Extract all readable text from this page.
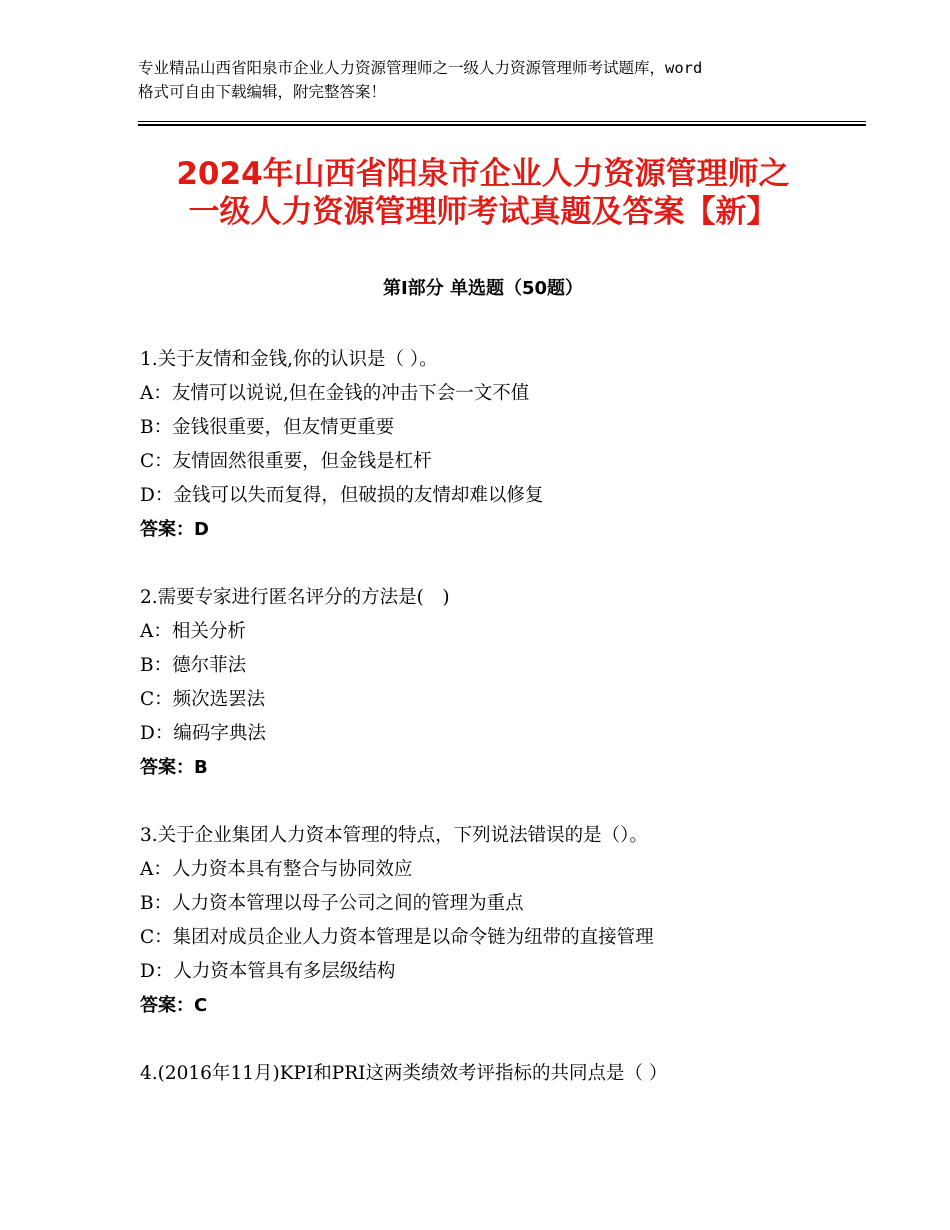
专业精品山西省阳泉市企业人力资源管理师之一级人力资源管理师考试题库，word
格式可自由下载编辑，附完整答案！
2024年山西省阳泉市企业人力资源管理师之
一级人力资源管理师考试真题及答案【新】
第Ⅰ部分 单选题（50题）
1.关于友情和金钱,你的认识是（ ）。
A：友情可以说说,但在金钱的冲击下会一文不值
B：金钱很重要，但友情更重要
C：友情固然很重要，但金钱是杠杆
D：金钱可以失而复得，但破损的友情却难以修复
答案：D
2.需要专家进行匿名评分的方法是(　)
A：相关分析
B：德尔菲法
C：频次选罢法
D：编码字典法
答案：B
3.关于企业集团人力资本管理的特点，下列说法错误的是（）。
A：人力资本具有整合与协同效应
B：人力资本管理以母子公司之间的管理为重点
C：集团对成员企业人力资本管理是以命令链为纽带的直接管理
D：人力资本管具有多层级结构
答案：C
4.(2016年11月)KPI和PRI这两类绩效考评指标的共同点是（ ）
